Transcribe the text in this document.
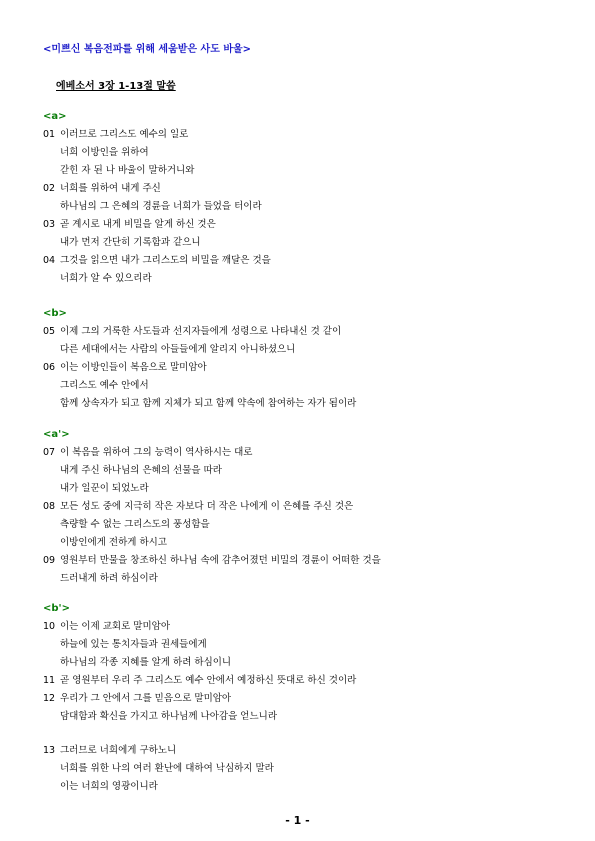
<미쁘신 복음전파를 위해 세움받은 사도 바울>
에베소서 3장 1-13절 말씀
<a>
01 이러므로 그리스도 예수의 일로
너희 이방인을 위하여
갇힌 자 된 나 바울이 말하거니와
02 너희를 위하여 내게 주신
하나님의 그 은혜의 경륜을 너희가 들었을 터이라
03 곧 계시로 내게 비밀을 알게 하신 것은
내가 먼저 간단히 기록함과 같으니
04 그것을 읽으면 내가 그리스도의 비밀을 깨달은 것을
너희가 알 수 있으리라
<b>
05 이제 그의 거룩한 사도들과 선지자들에게 성령으로 나타내신 것 같이
다른 세대에서는 사람의 아들들에게 알리지 아니하셨으니
06 이는 이방인들이 복음으로 말미암아
그리스도 예수 안에서
함께 상속자가 되고 함께 지체가 되고 함께 약속에 참여하는 자가 됨이라
<a'>
07 이 복음을 위하여 그의 능력이 역사하시는 대로
내게 주신 하나님의 은혜의 선물을 따라
내가 일꾼이 되었노라
08 모든 성도 중에 지극히 작은 자보다 더 작은 나에게 이 은혜를 주신 것은
측량할 수 없는 그리스도의 풍성함을
이방인에게 전하게 하시고
09 영원부터 만물을 창조하신 하나님 속에 감추어졌던 비밀의 경륜이 어떠한 것을
드러내게 하려 하심이라
<b'>
10 이는 이제 교회로 말미암아
하늘에 있는 통치자들과 권세들에게
하나님의 각종 지혜를 알게 하려 하심이니
11 곧 영원부터 우리 주 그리스도 예수 안에서 예정하신 뜻대로 하신 것이라
12 우리가 그 안에서 그를 믿음으로 말미암아
담대함과 확신을 가지고 하나님께 나아감을 얻느니라
13 그러므로 너희에게 구하노니
너희를 위한 나의 여러 환난에 대하여 낙심하지 말라
이는 너희의 영광이니라
- 1 -
